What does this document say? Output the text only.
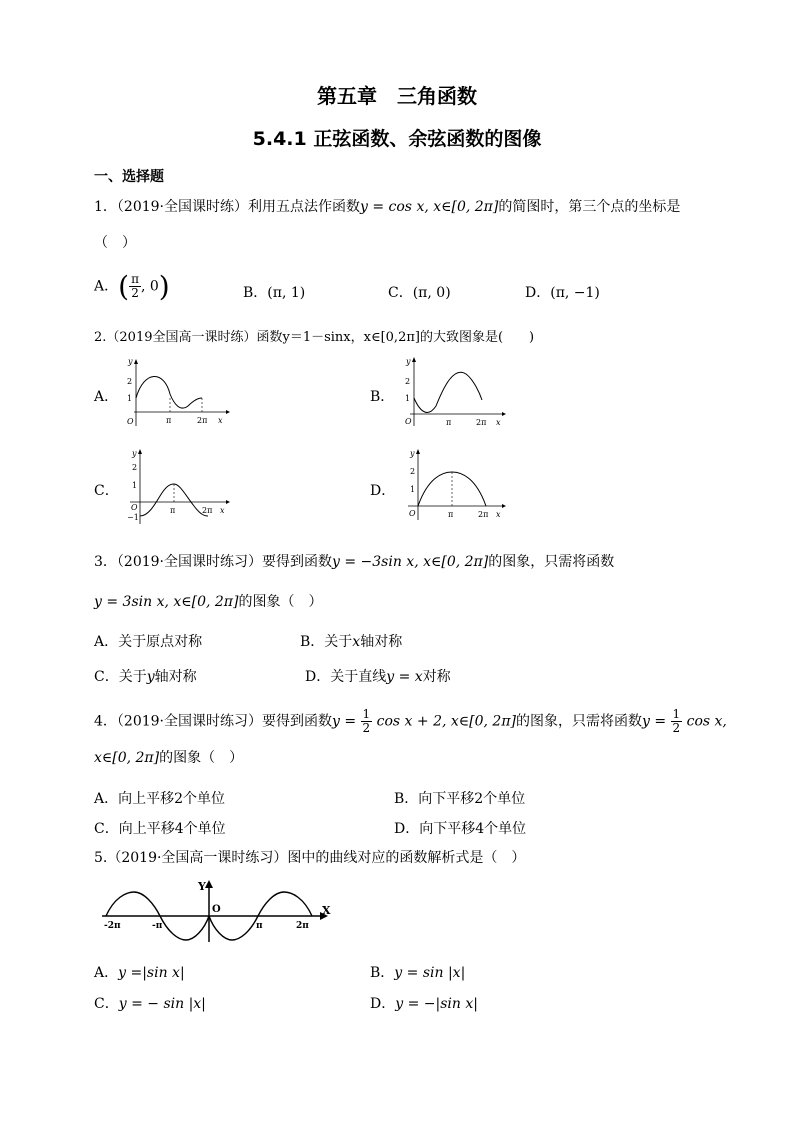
第五章　三角函数
5.4.1 正弦函数、余弦函数的图像
一、选择题
1．（2019·全国课时练）利用五点法作函数y = cos x, x∈[0, 2π]的简图时，第三个点的坐标是
（　）
A．( $\frac{\pi}{2}$ , 0)	B．(π, 1)	C．(π, 0)	D．(π, −1)
2.（2019全国高一课时练）函数y＝1－sinx，x∈[0,2π]的大致图象是(　　)
A．	B．
C．	D．
y
2
1
O	π	2π x
y
2
1
O	π	2π x
y
2
1
O
−1
π	2π x
y
2
1
O	π	2π x
3．（2019·全国课时练习）要得到函数y = −3sin x, x∈[0, 2π]的图象，只需将函数
y = 3sin x, x∈[0, 2π]的图象（　）
A．关于原点对称	B．关于x轴对称
C．关于y轴对称	D．关于直线y = x对称
4．（2019·全国课时练习）要得到函数$y = \frac{1}{2}$ cos x + 2, x∈[0, 2π]的图象，只需将函数$y = \frac{1}{2}$ cos x,
x∈[0, 2π]的图象（　）
A．向上平移2个单位	B．向下平移2个单位
C．向上平移4个单位	D．向下平移4个单位
5.（2019·全国高一课时练习）图中的曲线对应的函数解析式是（　）
Y
O	X
-2π	-π	π	2π
A．y =|sin x|	B．y = sin |x|
C．y = − sin |x|	D．y = −|sin x|
